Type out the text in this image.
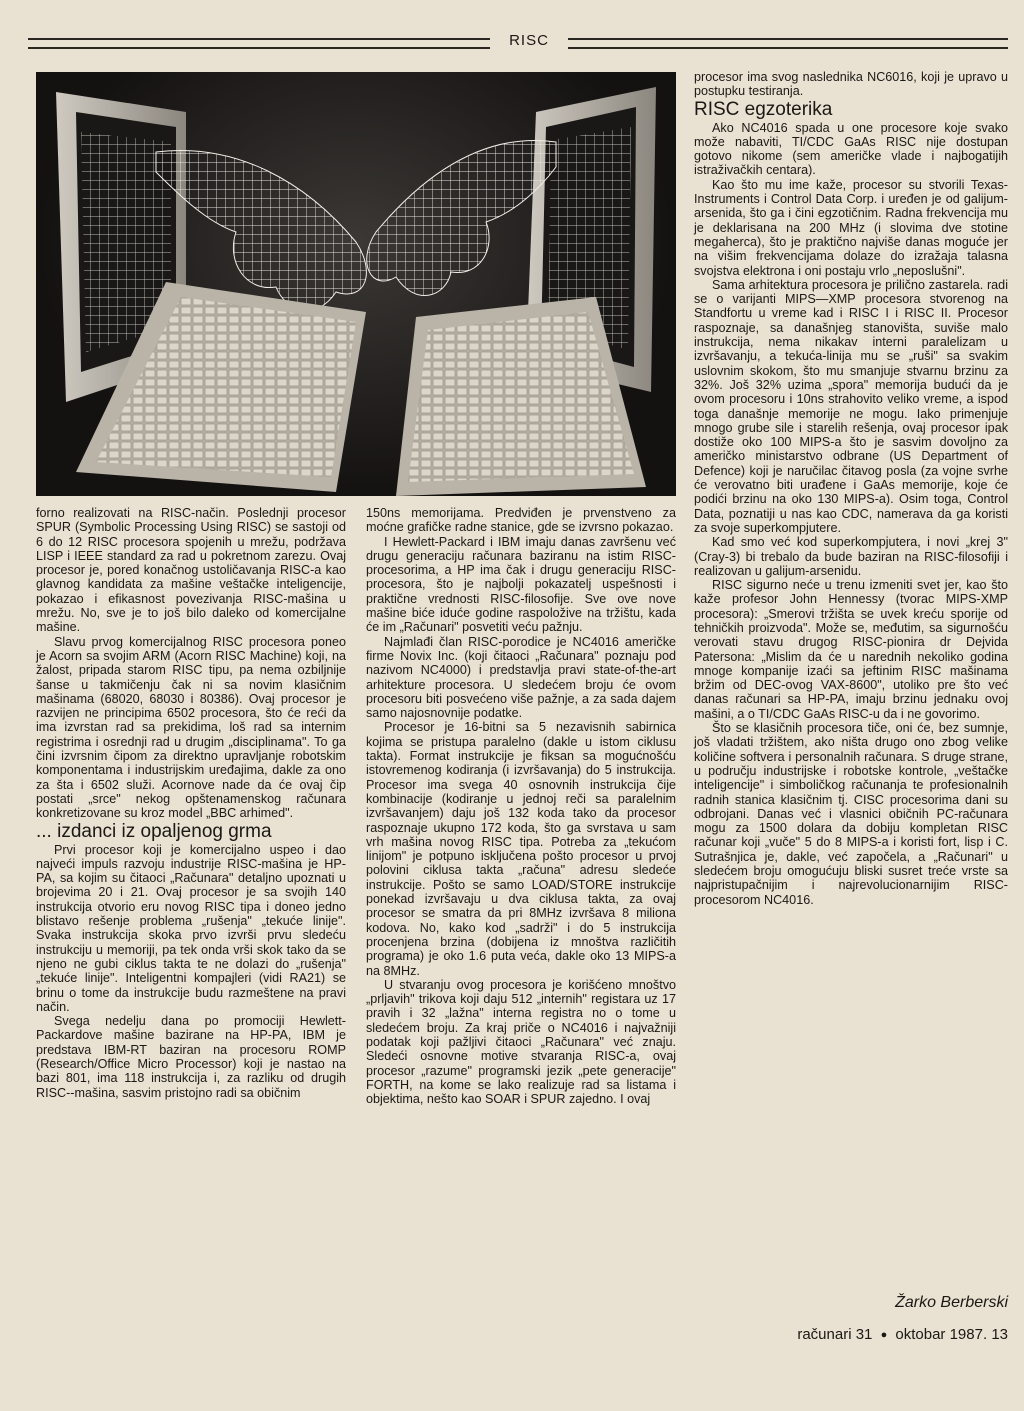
RISC

forno realizovati na RISC-način. Poslednji procesor SPUR (Symbolic Processing Using RISC) se sastoji od 6 do 12 RISC procesora spojenih u mrežu, podržava LISP i IEEE standard za rad u pokretnom zarezu. Ovaj procesor je, pored konačnog ustoličavanja RISC-a kao glavnog kandidata za mašine veštačke inteligencije, pokazao i efikasnost povezivanja RISC-mašina u mrežu. No, sve je to još bilo daleko od komercijalne mašine.

Slavu prvog komercijalnog RISC procesora poneo je Acorn sa svojim ARM (Acorn RISC Machine) koji, na žalost, pripada starom RISC tipu, pa nema ozbiljnije šanse u takmičenju čak ni sa novim klasičnim mašinama (68020, 68030 i 80386). Ovaj procesor je razvijen ne principima 6502 procesora, što će reći da ima izvrstan rad sa prekidima, loš rad sa internim registrima i osrednji rad u drugim „disciplinama". To ga čini izvrsnim čipom za direktno upravljanje robotskim komponentama i industrijskim uređajima, dakle za ono za šta i 6502 služi. Acornove nade da će ovaj čip postati „srce" nekog opštenamenskog računara konkretizovane su kroz model „BBC arhimed".

... izdanci iz opaljenog grma

Prvi procesor koji je komercijalno uspeo i dao najveći impuls razvoju industrije RISC-mašina je HP-PA, sa kojim su čitaoci „Računara" detaljno upoznati u brojevima 20 i 21. Ovaj procesor je sa svojih 140 instrukcija otvorio eru novog RISC tipa i doneo jedno blistavo rešenje problema „rušenja" „tekuće linije". Svaka instrukcija skoka prvo izvrši prvu sledeću instrukciju u memoriji, pa tek onda vrši skok tako da se njeno ne gubi ciklus takta te ne dolazi do „rušenja" „tekuće linije". Inteligentni kompajleri (vidi RA21) se brinu o tome da instrukcije budu razmeštene na pravi način.

Svega nedelju dana po promociji Hewlett-Packardove mašine bazirane na HP-PA, IBM je predstava IBM-RT baziran na procesoru ROMP (Research/Office Micro Processor) koji je nastao na bazi 801, ima 118 instrukcija i, za razliku od drugih RISC--mašina, sasvim pristojno radi sa običnim

150ns memorijama. Predviđen je prvenstveno za moćne grafičke radne stanice, gde se izvrsno pokazao.

I Hewlett-Packard i IBM imaju danas završenu već drugu generaciju računara baziranu na istim RISC-procesorima, a HP ima čak i drugu generaciju RISC-procesora, što je najbolji pokazatelj uspešnosti i praktične vrednosti RISC-filosofije. Sve ove nove mašine biće iduće godine raspoložive na tržištu, kada će im „Računari" posvetiti veću pažnju.

Najmlađi član RISC-porodice je NC4016 američke firme Novix Inc. (koji čitaoci „Računara" poznaju pod nazivom NC4000) i predstavlja pravi state-of-the-art arhitekture procesora. U sledećem broju će ovom procesoru biti posvećeno više pažnje, a za sada dajem samo najosnovnije podatke.

Procesor je 16-bitni sa 5 nezavisnih sabirnica kojima se pristupa paralelno (dakle u istom ciklusu takta). Format instrukcije je fiksan sa mogućnošću istovremenog kodiranja (i izvršavanja) do 5 instrukcija. Procesor ima svega 40 osnovnih instrukcija čije kombinacije (kodiranje u jednoj reči sa paralelnim izvršavanjem) daju još 132 koda tako da procesor raspoznaje ukupno 172 koda, što ga svrstava u sam vrh mašina novog RISC tipa. Potreba za „tekućom linijom" je potpuno isključena pošto procesor u prvoj polovini ciklusa takta „računa" adresu sledeće instrukcije. Pošto se samo LOAD/STORE instrukcije ponekad izvršavaju u dva ciklusa takta, za ovaj procesor se smatra da pri 8MHz izvršava 8 miliona kodova. No, kako kod „sadrži" i do 5 instrukcija procenjena brzina (dobijena iz mnoštva različitih programa) je oko 1.6 puta veća, dakle oko 13 MIPS-a na 8MHz.

U stvaranju ovog procesora je korišćeno mnoštvo „prljavih" trikova koji daju 512 „internih" registara uz 17 pravih i 32 „lažna" interna registra no o tome u sledećem broju. Za kraj priče o NC4016 i najvažniji podatak koji pažljivi čitaoci „Računara" već znaju. Sledeći osnovne motive stvaranja RISC-a, ovaj procesor „razume" programski jezik „pete generacije" FORTH, na kome se lako realizuje rad sa listama i objektima, nešto kao SOAR i SPUR zajedno. I ovaj

procesor ima svog naslednika NC6016, koji je upravo u postupku testiranja.

RISC egzoterika

Ako NC4016 spada u one procesore koje svako može nabaviti, TI/CDC GaAs RISC nije dostupan gotovo nikome (sem američke vlade i najbogatijih istraživačkih centara).

Kao što mu ime kaže, procesor su stvorili Texas-Instruments i Control Data Corp. i uređen je od galijum-arsenida, što ga i čini egzotičnim. Radna frekvencija mu je deklarisana na 200 MHz (i slovima dve stotine megaherca), što je praktično najviše danas moguće jer na višim frekvencijama dolaze do izražaja talasna svojstva elektrona i oni postaju vrlo „neposlušni".

Sama arhitektura procesora je prilično zastarela. radi se o varijanti MIPS—XMP procesora stvorenog na Standfortu u vreme kad i RISC I i RISC II. Procesor raspoznaje, sa današnjeg stanovišta, suviše malo instrukcija, nema nikakav interni paralelizam u izvršavanju, a tekuća-linija mu se „ruši" sa svakim uslovnim skokom, što mu smanjuje stvarnu brzinu za 32%. Još 32% uzima „spora" memorija budući da je ovom procesoru i 10ns strahovito veliko vreme, a ispod toga današnje memorije ne mogu. Iako primenjuje mnogo grube sile i starelih rešenja, ovaj procesor ipak dostiže oko 100 MIPS-a što je sasvim dovoljno za američko ministarstvo odbrane (US Department of Defence) koji je naručilac čitavog posla (za vojne svrhe će verovatno biti urađene i GaAs memorije, koje će podići brzinu na oko 130 MIPS-a). Osim toga, Control Data, poznatiji u nas kao CDC, namerava da ga koristi za svoje superkompjutere.

Kad smo već kod superkompjutera, i novi „krej 3" (Cray-3) bi trebalo da bude baziran na RISC-filosofiji i realizovan u galijum-arsenidu.

RISC sigurno neće u trenu izmeniti svet jer, kao što kaže profesor John Hennessy (tvorac MIPS-XMP procesora): „Smerovi tržišta se uvek kreću sporije od tehničkih proizvoda". Može se, međutim, sa sigurnošću verovati stavu drugog RISC-pionira dr Dejvida Patersona: „Mislim da će u narednih nekoliko godina mnoge kompanije izaći sa jeftinim RISC mašinama bržim od DEC-ovog VAX-8600", utoliko pre što već danas računari sa HP-PA, imaju brzinu jednaku ovoj mašini, a o TI/CDC GaAs RISC-u da i ne govorimo.

Što se klasičnih procesora tiče, oni će, bez sumnje, još vladati tržištem, ako ništa drugo ono zbog velike količine softvera i personalnih računara. S druge strane, u području industrijske i robotske kontrole, „veštačke inteligencije" i simboličkog računanja te profesionalnih radnih stanica klasičnim tj. CISC procesorima dani su odbrojani. Danas već i vlasnici običnih PC-računara mogu za 1500 dolara da dobiju kompletan RISC računar koji „vuče" 5 do 8 MIPS-a i koristi fort, lisp i C. Sutrašnjica je, dakle, već započela, a „Računari" u sledećem broju omogućuju bliski susret treće vrste sa najpristupačnijim i najrevolucionarnijim RISC-procesorom NC4016.

Žarko Berberski
računari 31 ● oktobar 1987. 13
